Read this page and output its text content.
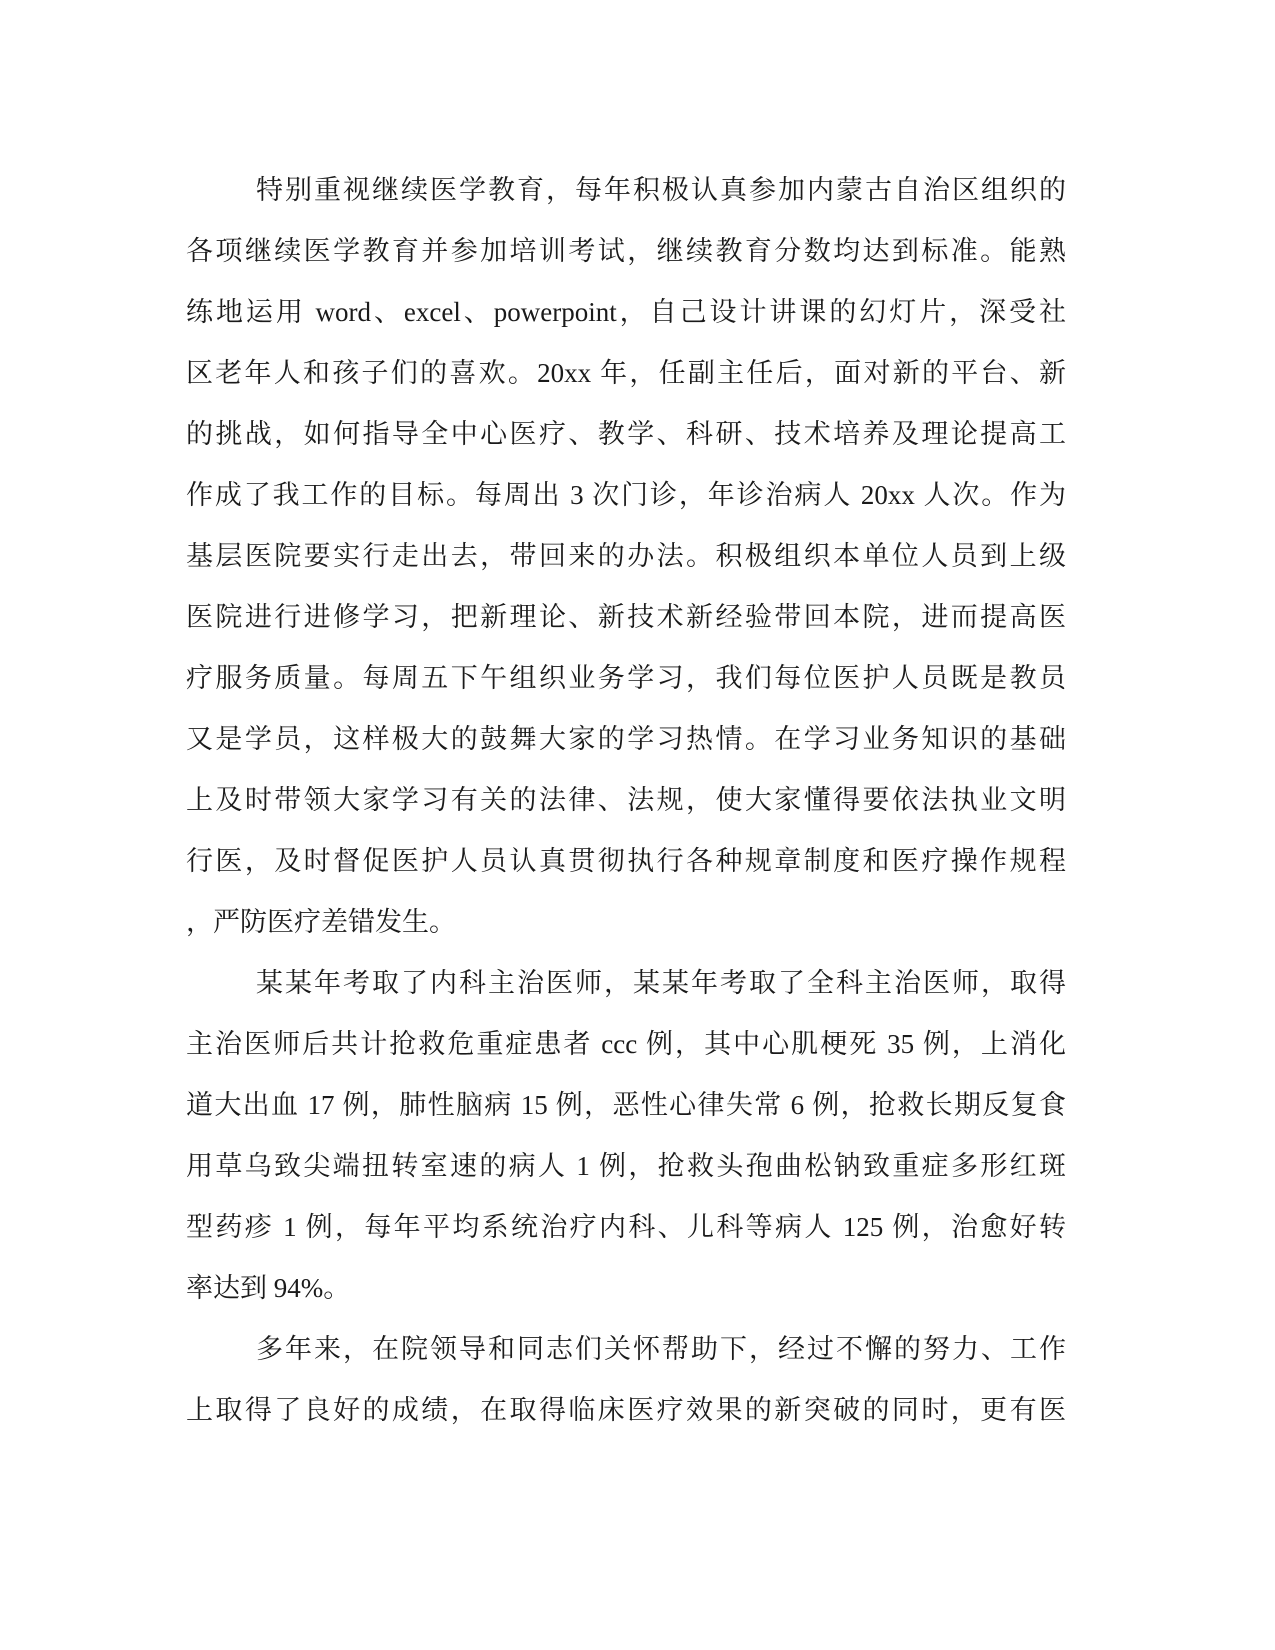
特别重视继续医学教育，每年积极认真参加内蒙古自治区组织的
各项继续医学教育并参加培训考试，继续教育分数均达到标准。能熟
练地运用 word、excel、powerpoint，自己设计讲课的幻灯片，深受社
区老年人和孩子们的喜欢。20xx 年，任副主任后，面对新的平台、新
的挑战，如何指导全中心医疗、教学、科研、技术培养及理论提高工
作成了我工作的目标。每周出 3 次门诊，年诊治病人 20xx 人次。作为
基层医院要实行走出去，带回来的办法。积极组织本单位人员到上级
医院进行进修学习，把新理论、新技术新经验带回本院，进而提高医
疗服务质量。每周五下午组织业务学习，我们每位医护人员既是教员
又是学员，这样极大的鼓舞大家的学习热情。在学习业务知识的基础
上及时带领大家学习有关的法律、法规，使大家懂得要依法执业文明
行医，及时督促医护人员认真贯彻执行各种规章制度和医疗操作规程
，严防医疗差错发生。
某某年考取了内科主治医师，某某年考取了全科主治医师，取得
主治医师后共计抢救危重症患者 ccc 例，其中心肌梗死 35 例，上消化
道大出血 17 例，肺性脑病 15 例，恶性心律失常 6 例，抢救长期反复食
用草乌致尖端扭转室速的病人 1 例，抢救头孢曲松钠致重症多形红斑
型药疹 1 例，每年平均系统治疗内科、儿科等病人 125 例，治愈好转
率达到 94%。
多年来，在院领导和同志们关怀帮助下，经过不懈的努力、工作
上取得了良好的成绩，在取得临床医疗效果的新突破的同时，更有医
